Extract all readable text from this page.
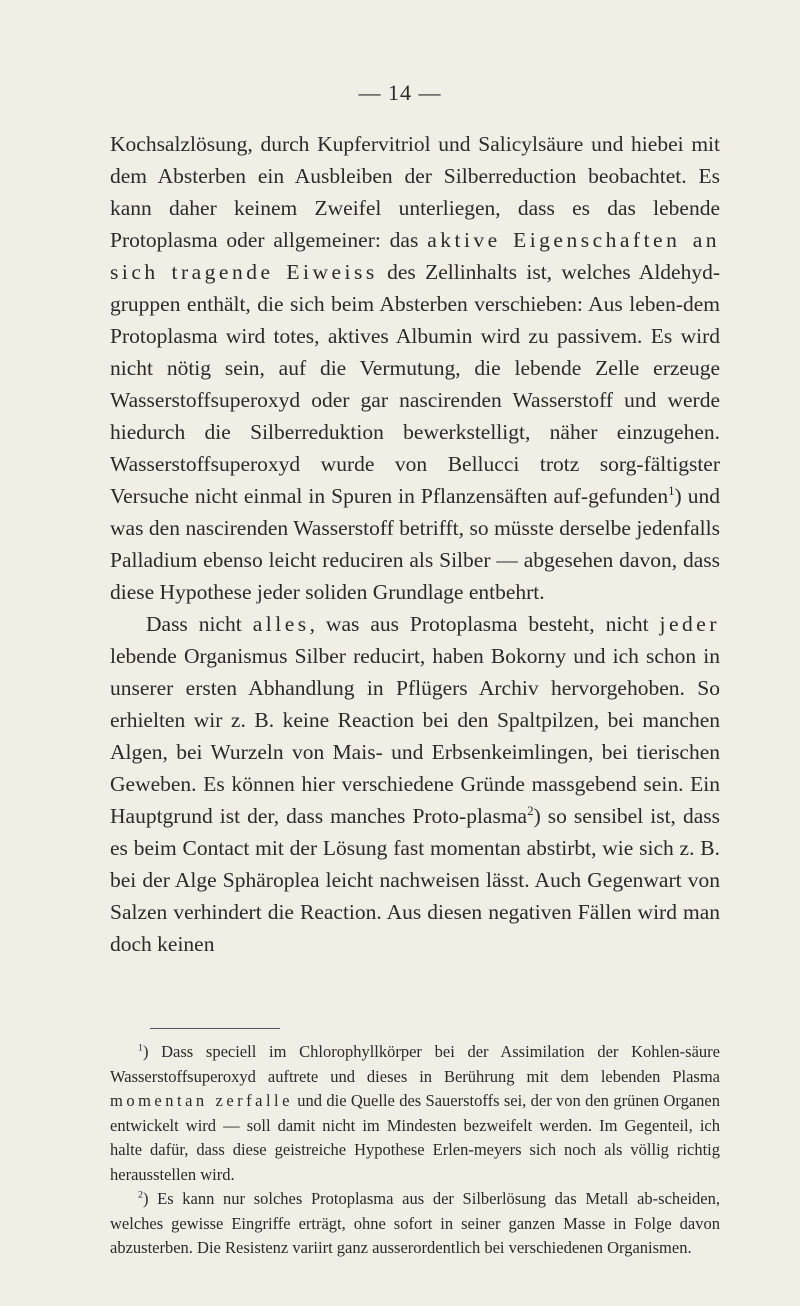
— 14 —

Kochsalzlösung, durch Kupfervitriol und Salicylsäure und hiebei mit dem Absterben ein Ausbleiben der Silberreduction beobachtet. Es kann daher keinem Zweifel unterliegen, dass es das lebende Protoplasma oder allgemeiner: das aktive Eigenschaften an sich tragende Eiweiss des Zellinhalts ist, welches Aldehyd-gruppen enthält, die sich beim Absterben verschieben: Aus leben-dem Protoplasma wird totes, aktives Albumin wird zu passivem. Es wird nicht nötig sein, auf die Vermutung, die lebende Zelle erzeuge Wasserstoffsuperoxyd oder gar nascirenden Wasserstoff und werde hiedurch die Silberreduktion bewerkstelligt, näher einzugehen. Wasserstoffsuperoxyd wurde von Bellucci trotz sorg-fältigster Versuche nicht einmal in Spuren in Pflanzensäften auf-gefunden$^1$) und was den nascirenden Wasserstoff betrifft, so müsste derselbe jedenfalls Palladium ebenso leicht reduciren als Silber — abgesehen davon, dass diese Hypothese jeder soliden Grundlage entbehrt.

Dass nicht alles, was aus Protoplasma besteht, nicht jeder lebende Organismus Silber reducirt, haben Bokorny und ich schon in unserer ersten Abhandlung in Pflügers Archiv hervorgehoben. So erhielten wir z. B. keine Reaction bei den Spaltpilzen, bei manchen Algen, bei Wurzeln von Mais- und Erbsenkeimlingen, bei tierischen Geweben. Es können hier verschiedene Gründe massgebend sein. Ein Hauptgrund ist der, dass manches Proto-plasma$^2$) so sensibel ist, dass es beim Contact mit der Lösung fast momentan abstirbt, wie sich z. B. bei der Alge Sphäroplea leicht nachweisen lässt. Auch Gegenwart von Salzen verhindert die Reaction. Aus diesen negativen Fällen wird man doch keinen

$^1$) Dass speciell im Chlorophyllkörper bei der Assimilation der Kohlen-säure Wasserstoffsuperoxyd auftrete und dieses in Berührung mit dem lebenden Plasma momentan zerfalle und die Quelle des Sauerstoffs sei, der von den grünen Organen entwickelt wird — soll damit nicht im Mindesten bezweifelt werden. Im Gegenteil, ich halte dafür, dass diese geistreiche Hypothese Erlen-meyers sich noch als völlig richtig herausstellen wird.

$^2$) Es kann nur solches Protoplasma aus der Silberlösung das Metall ab-scheiden, welches gewisse Eingriffe erträgt, ohne sofort in seiner ganzen Masse in Folge davon abzusterben. Die Resistenz variirt ganz ausserordentlich bei verschiedenen Organismen.
